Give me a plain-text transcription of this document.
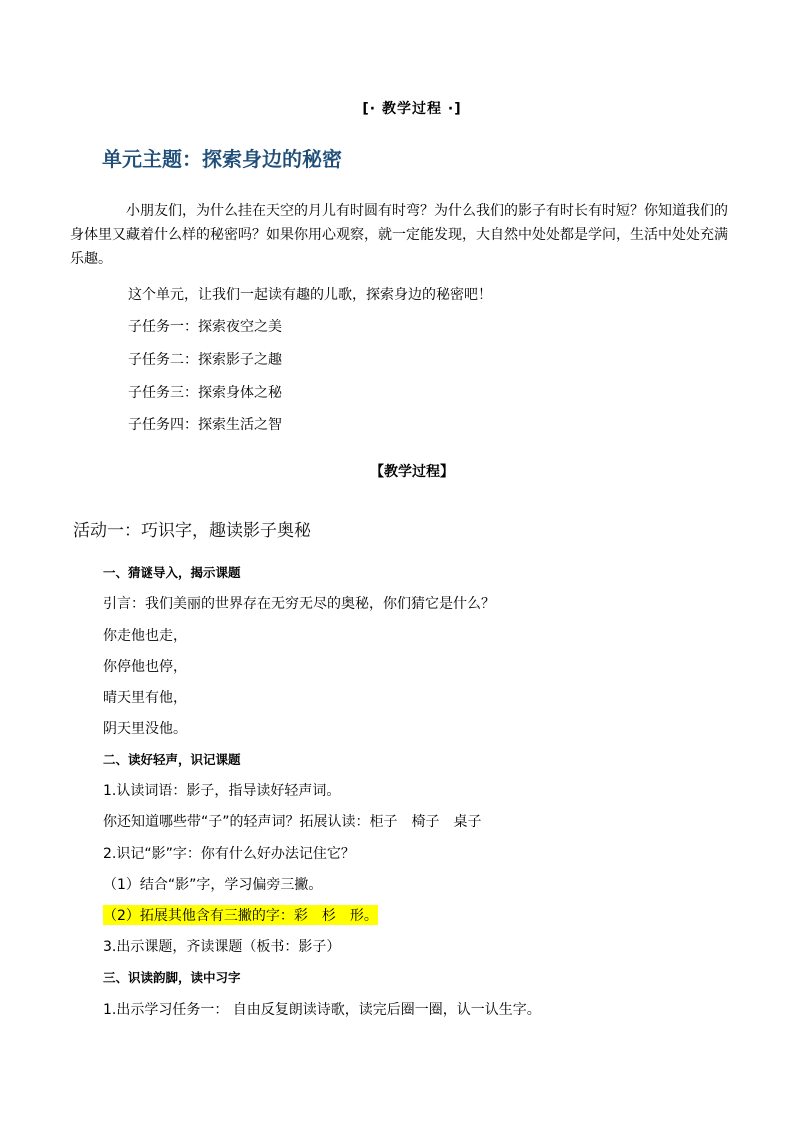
[· 教学过程 ·]
单元主题：探索身边的秘密
小朋友们，为什么挂在天空的月儿有时圆有时弯？为什么我们的影子有时长有时短？你知道我们的身体里又藏着什么样的秘密吗？如果你用心观察，就一定能发现，大自然中处处都是学问，生活中处处充满乐趣。
这个单元，让我们一起读有趣的儿歌，探索身边的秘密吧！
子任务一：探索夜空之美
子任务二：探索影子之趣
子任务三：探索身体之秘
子任务四：探索生活之智
【教学过程】
活动一：巧识字，趣读影子奥秘
一、猜谜导入，揭示课题
引言：我们美丽的世界存在无穷无尽的奥秘，你们猜它是什么？
你走他也走，
你停他也停，
晴天里有他，
阴天里没他。
二、读好轻声，识记课题
1.认读词语：影子，指导读好轻声词。
你还知道哪些带“子”的轻声词？拓展认读：柜子　椅子　桌子
2.识记“影”字：你有什么好办法记住它？
（1）结合“影”字，学习偏旁三撇。
（2）拓展其他含有三撇的字：彩　杉　形。
3.出示课题，齐读课题（板书：影子）
三、识读韵脚，读中习字
1.出示学习任务一： 自由反复朗读诗歌，读完后圈一圈，认一认生字。
